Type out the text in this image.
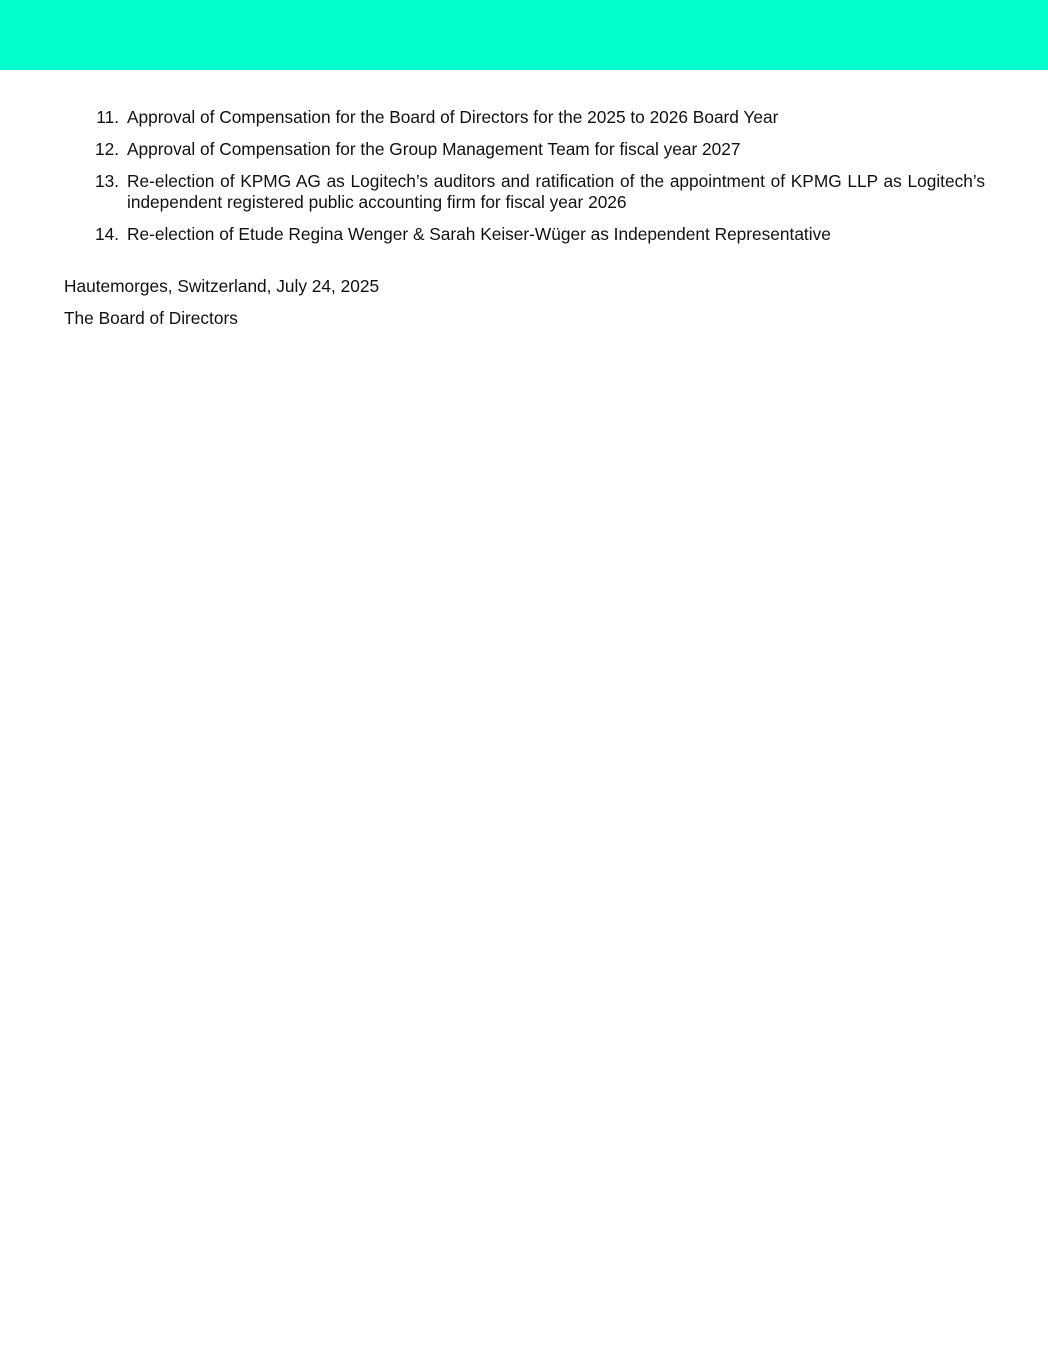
11. Approval of Compensation for the Board of Directors for the 2025 to 2026 Board Year
12. Approval of Compensation for the Group Management Team for fiscal year 2027
13. Re-election of KPMG AG as Logitech’s auditors and ratification of the appointment of KPMG LLP as Logitech’s independent registered public accounting firm for fiscal year 2026
14. Re-election of Etude Regina Wenger & Sarah Keiser-Wüger as Independent Representative

Hautemorges, Switzerland, July 24, 2025

The Board of Directors
